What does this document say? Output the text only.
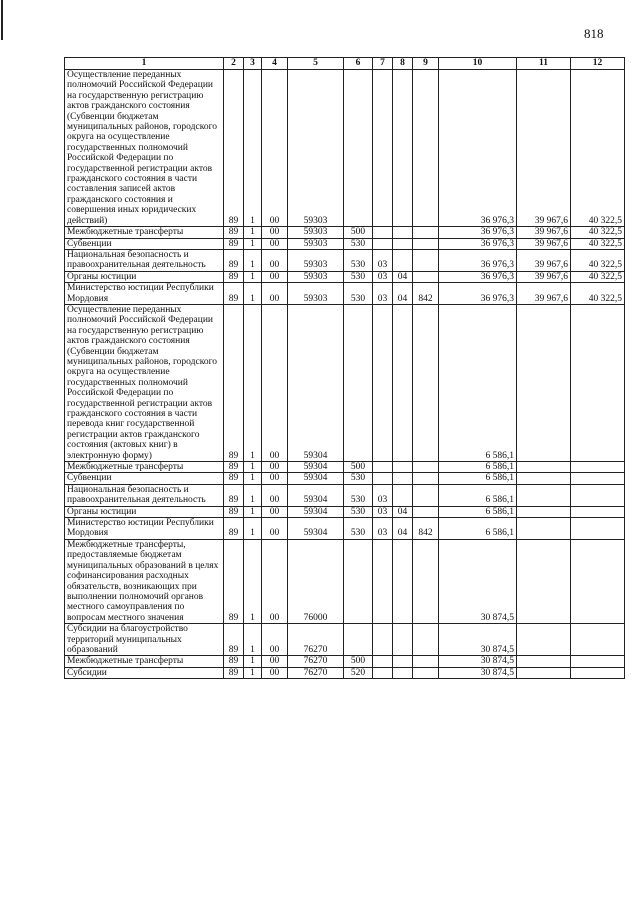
818
1	2	3	4	5	6	7	8	9	10	11	12
Осуществление переданных полномочий Российской Федерации на государственную регистрацию актов гражданского состояния (Субвенции бюджетам муниципальных районов, городского округа на осуществление государственных полномочий Российской Федерации по государственной регистрации актов гражданского состояния в части составления записей актов гражданского состояния и совершения иных юридических действий)	89	1	00	59303					36 976,3	39 967,6	40 322,5
Межбюджетные трансферты	89	1	00	59303	500				36 976,3	39 967,6	40 322,5
Субвенции	89	1	00	59303	530				36 976,3	39 967,6	40 322,5
Национальная безопасность и правоохранительная деятельность	89	1	00	59303	530	03			36 976,3	39 967,6	40 322,5
Органы юстиции	89	1	00	59303	530	03	04		36 976,3	39 967,6	40 322,5
Министерство юстиции Республики Мордовия	89	1	00	59303	530	03	04	842	36 976,3	39 967,6	40 322,5
Осуществление переданных полномочий Российской Федерации на государственную регистрацию актов гражданского состояния (Субвенции бюджетам муниципальных районов, городского округа на осуществление государственных полномочий Российской Федерации по государственной регистрации актов гражданского состояния в части перевода книг государственной регистрации актов гражданского состояния (актовых книг) в электронную форму)	89	1	00	59304					6 586,1		
Межбюджетные трансферты	89	1	00	59304	500				6 586,1		
Субвенции	89	1	00	59304	530				6 586,1		
Национальная безопасность и правоохранительная деятельность	89	1	00	59304	530	03			6 586,1		
Органы юстиции	89	1	00	59304	530	03	04		6 586,1		
Министерство юстиции Республики Мордовия	89	1	00	59304	530	03	04	842	6 586,1		
Межбюджетные трансферты, предоставляемые бюджетам муниципальных образований в целях софинансирования расходных обязательств, возникающих при выполнении полномочий органов местного самоуправления по вопросам местного значения	89	1	00	76000					30 874,5		
Субсидии на благоустройство территорий муниципальных образований	89	1	00	76270					30 874,5		
Межбюджетные трансферты	89	1	00	76270	500				30 874,5		
Субсидии	89	1	00	76270	520				30 874,5		
